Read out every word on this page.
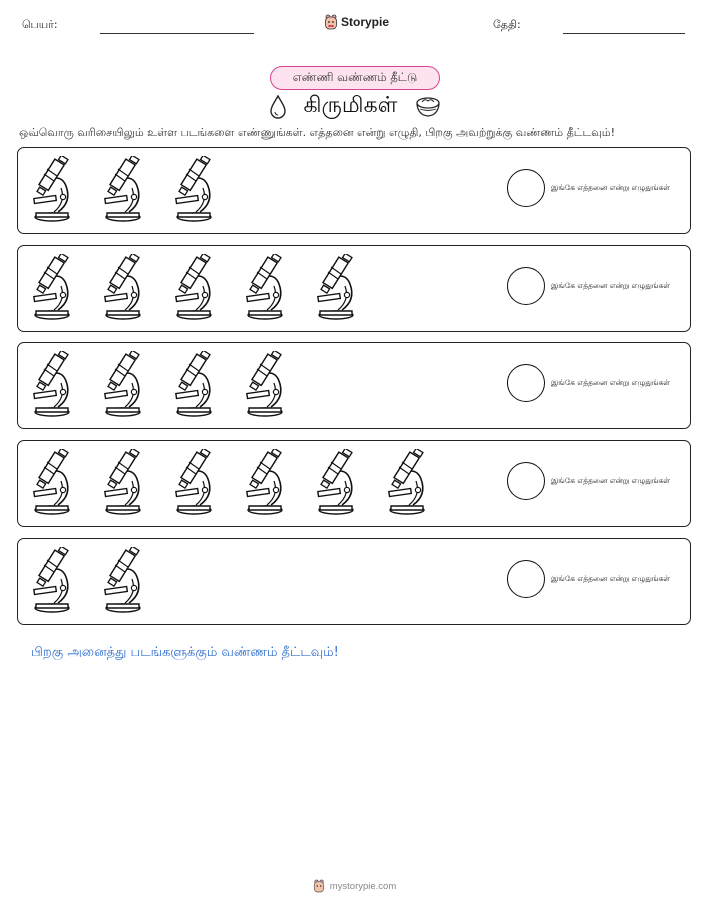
பெயர்:	Storypie	தேதி:
எண்ணி வண்ணம் தீட்டு
கிருமிகள்
ஒவ்வொரு வரிசையிலும் உள்ள படங்களை எண்ணுங்கள். எத்தனை என்று எழுதி, பிறகு அவற்றுக்கு வண்ணம் தீட்டவும்!
இங்கே எத்தனை என்று எழுதுங்கள்
இங்கே எத்தனை என்று எழுதுங்கள்
இங்கே எத்தனை என்று எழுதுங்கள்
இங்கே எத்தனை என்று எழுதுங்கள்
இங்கே எத்தனை என்று எழுதுங்கள்
பிறகு அனைத்து படங்களுக்கும் வண்ணம் தீட்டவும்!
mystorypie.com
